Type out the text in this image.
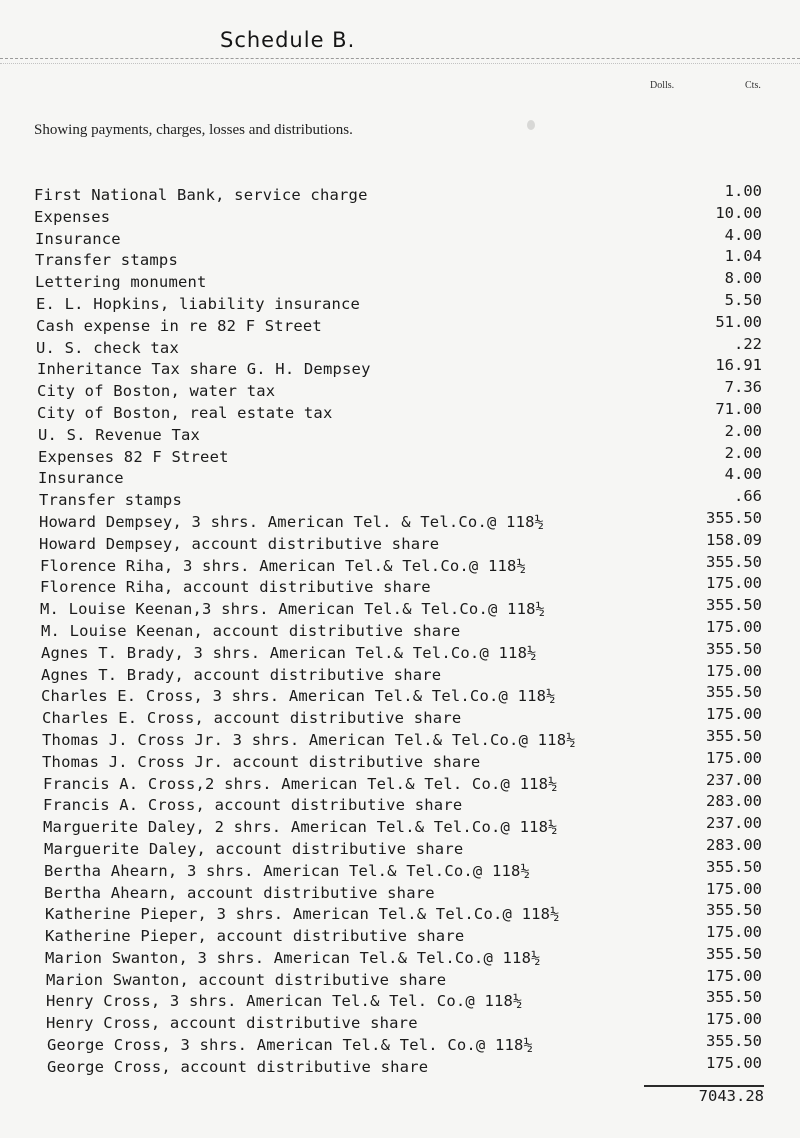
Schedule B.
Dolls.	Cts.
Showing payments, charges, losses and distributions.
First National Bank, service charge	1.00
Expenses	10.00
Insurance	4.00
Transfer stamps	1.04
Lettering monument	8.00
E. L. Hopkins, liability insurance	5.50
Cash expense in re 82 F Street	51.00
U. S. check tax	.22
Inheritance Tax share G. H. Dempsey	16.91
City of Boston, water tax	7.36
City of Boston, real estate tax	71.00
U. S. Revenue Tax	2.00
Expenses 82 F Street	2.00
Insurance	4.00
Transfer stamps	.66
Howard Dempsey, 3 shrs. American Tel. & Tel.Co.@ 118½	355.50
Howard Dempsey, account distributive share	158.09
Florence Riha, 3 shrs. American Tel.& Tel.Co.@ 118½	355.50
Florence Riha, account distributive share	175.00
M. Louise Keenan,3 shrs. American Tel.& Tel.Co.@ 118½	355.50
M. Louise Keenan, account distributive share	175.00
Agnes T. Brady, 3 shrs. American Tel.& Tel.Co.@ 118½	355.50
Agnes T. Brady, account distributive share	175.00
Charles E. Cross, 3 shrs. American Tel.& Tel.Co.@ 118½	355.50
Charles E. Cross, account distributive share	175.00
Thomas J. Cross Jr. 3 shrs. American Tel.& Tel.Co.@ 118½	355.50
Thomas J. Cross Jr. account distributive share	175.00
Francis A. Cross,2 shrs. American Tel.& Tel. Co.@ 118½	237.00
Francis A. Cross, account distributive share	283.00
Marguerite Daley, 2 shrs. American Tel.& Tel.Co.@ 118½	237.00
Marguerite Daley, account distributive share	283.00
Bertha Ahearn, 3 shrs. American Tel.& Tel.Co.@ 118½	355.50
Bertha Ahearn, account distributive share	175.00
Katherine Pieper, 3 shrs. American Tel.& Tel.Co.@ 118½	355.50
Katherine Pieper, account distributive share	175.00
Marion Swanton, 3 shrs. American Tel.& Tel.Co.@ 118½	355.50
Marion Swanton, account distributive share	175.00
Henry Cross, 3 shrs. American Tel.& Tel. Co.@ 118½	355.50
Henry Cross, account distributive share	175.00
George Cross, 3 shrs. American Tel.& Tel. Co.@ 118½	355.50
George Cross, account distributive share	175.00
7043.28
